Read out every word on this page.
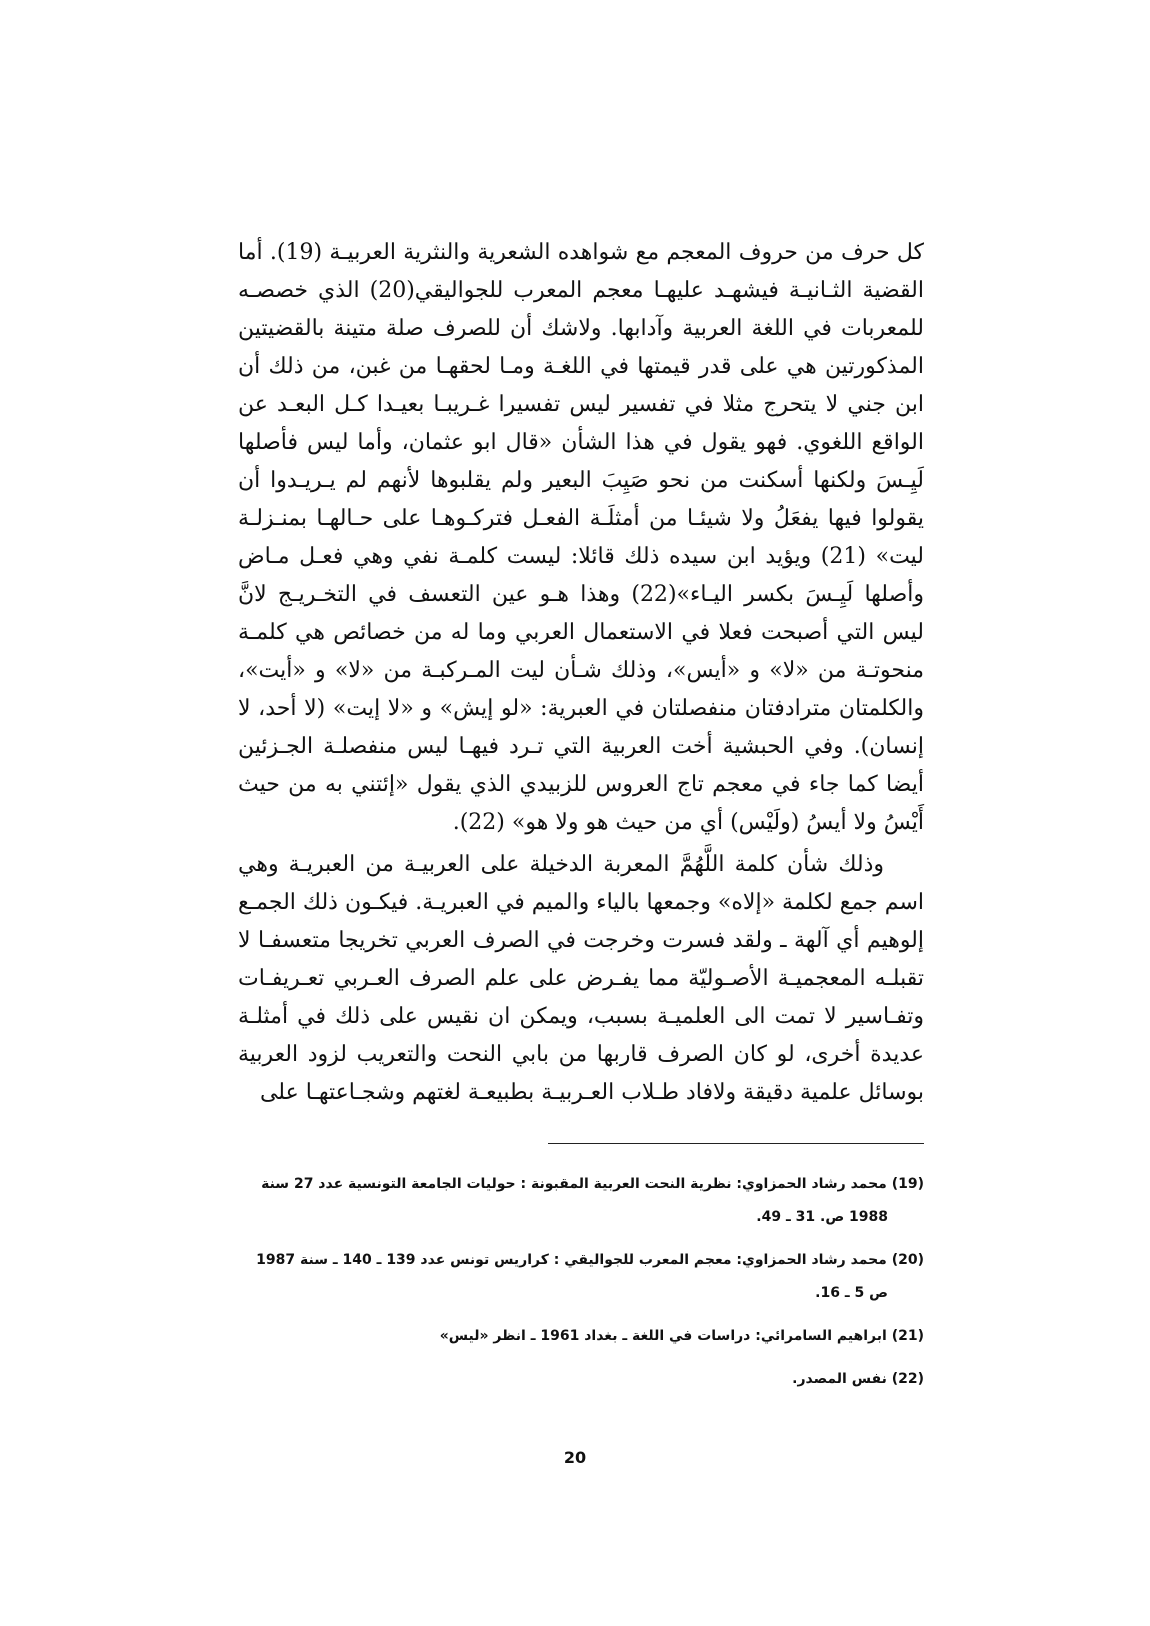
كل حرف من حروف المعجم مع شواهده الشعرية والنثرية العربيـة (19). أما القضية الثـانيـة فيشهـد عليهـا معجم المعرب للجواليقي(20) الذي خصصـه للمعربات في اللغة العربية وآدابها. ولاشك أن للصرف صلة متينة بالقضيتين المذكورتين هي على قدر قيمتها في اللغـة ومـا لحقهـا من غبن، من ذلك أن ابن جني لا يتحرج مثلا في تفسير ليس تفسيرا غـريبـا بعيـدا كـل البعـد عن الواقع اللغوي. فهو يقول في هذا الشأن «قال ابو عثمان، وأما ليس فأصلها لَيِـسَ ولكنها أسكنت من نحو صَيِبَ البعير ولم يقلبوها لأنهم لم يـريـدوا أن يقولوا فيها يفعَلُ ولا شيئـا من أمثلَـة الفعـل فتركـوهـا على حـالهـا بمنـزلـة ليت» (21) ويؤيد ابن سيده ذلك قائلا: ليست كلمـة نفي وهي فعـل مـاض وأصلها لَيِـسَ بكسر اليـاء»(22) وهذا هـو عين التعسف في التخـريـج لانَّ ليس التي أصبحت فعلا في الاستعمال العربي وما له من خصائص هي كلمـة منحوتـة من «لا» و «أيس»، وذلك شـأن ليت المـركبـة من «لا» و «أيت»، والكلمتان مترادفتان منفصلتان في العبرية: «لو إيش» و «لا إيت» (لا أحد، لا إنسان). وفي الحبشية أخت العربية التي تـرد فيهـا ليس منفصلـة الجـزئين أيضا كما جاء في معجم تاج العروس للزبيدي الذي يقول «إئتني به من حيث أَيْسُ ولا أيسُ (ولَيْس) أي من حيث هو ولا هو» (22).

وذلك شأن كلمة اللَّهُمَّ المعربة الدخيلة على العربيـة من العبريـة وهي اسم جمع لكلمة «إلاه» وجمعها بالياء والميم في العبريـة. فيكـون ذلك الجمـع إلوهيم أي آلهة ـ ولقد فسرت وخرجت في الصرف العربي تخريجا متعسفـا لا تقبلـه المعجميـة الأصـوليّة مما يفـرض على علم الصرف العـربي تعـريفـات وتفـاسير لا تمت الى العلميـة بسبب، ويمكن ان نقيس على ذلك في أمثلـة عديدة أخرى، لو كان الصرف قاربها من بابي النحت والتعريب لزود العربية بوسائل علمية دقيقة ولافاد طـلاب العـربيـة بطبيعـة لغتهم وشجـاعتهـا على

(19) محمد رشاد الحمزاوي: نظرية النحت العربية المقبونة : حوليات الجامعة التونسية عدد 27 سنة 1988 ص. 31 ـ 49.

(20) محمد رشاد الحمزاوي: معجم المعرب للجواليقي : كراريس تونس عدد 139 ـ 140 ـ سنة 1987 ص 5 ـ 16.

(21) ابراهيم السامرائي: دراسات في اللغة ـ بغداد 1961 ـ انظر «ليس»

(22) نفس المصدر.

20
